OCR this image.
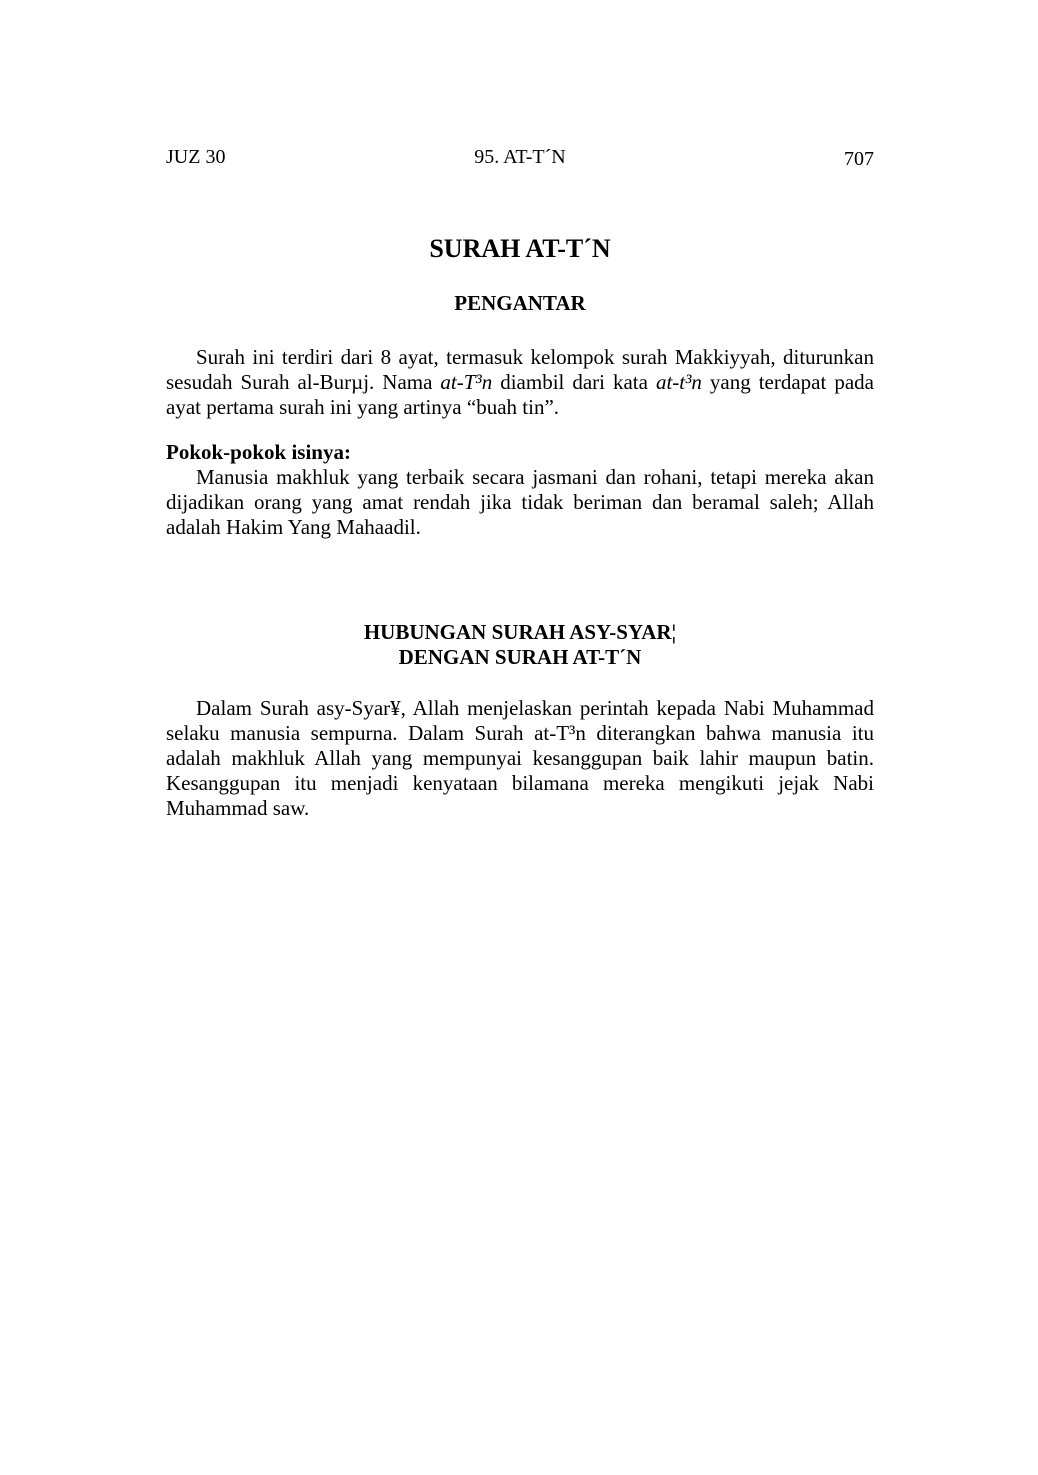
JUZ 30	95. AT-T´N	707
SURAH AT-T´N
PENGANTAR

Surah ini terdiri dari 8 ayat, termasuk kelompok surah Makkiyyah, diturunkan sesudah Surah al-Burµj. Nama at-T³n diambil dari kata at-t³n yang terdapat pada ayat pertama surah ini yang artinya “buah tin”.

Pokok-pokok isinya:

Manusia makhluk yang terbaik secara jasmani dan rohani, tetapi mereka akan dijadikan orang yang amat rendah jika tidak beriman dan beramal saleh; Allah adalah Hakim Yang Mahaadil.

HUBUNGAN SURAH ASY-SYAR¦
DENGAN SURAH AT-T´N

Dalam Surah asy-Syar¥, Allah menjelaskan perintah kepada Nabi Muhammad selaku manusia sempurna. Dalam Surah at-T³n diterangkan bahwa manusia itu adalah makhluk Allah yang mempunyai kesanggupan baik lahir maupun batin. Kesanggupan itu menjadi kenyataan bilamana mereka mengikuti jejak Nabi Muhammad saw.
